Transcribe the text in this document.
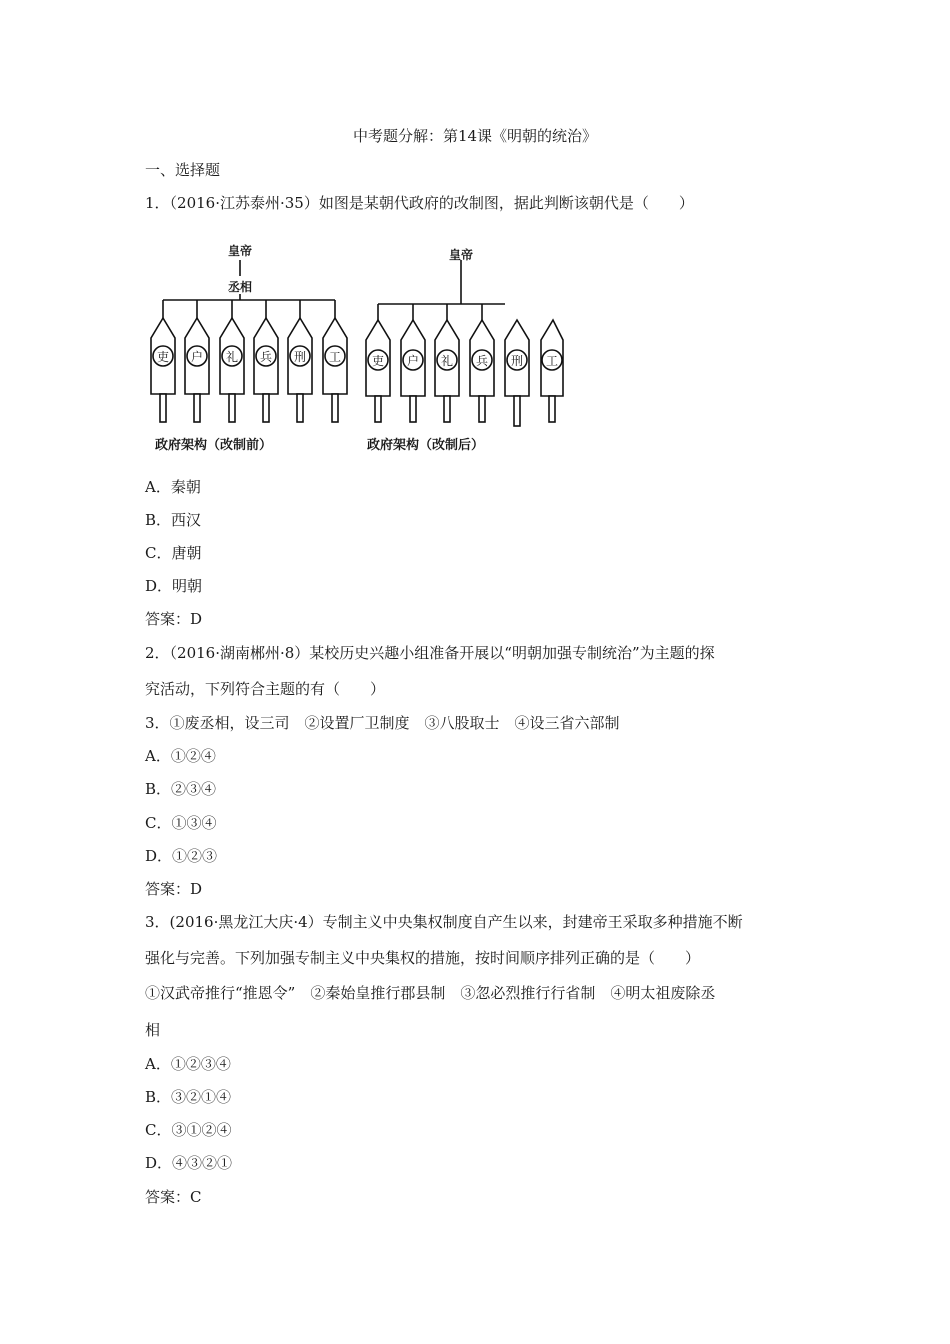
中考题分解：第14课《明朝的统治》
一、选择题
1．（2016·江苏泰州·35）如图是某朝代政府的改制图，据此判断该朝代是（　　）
皇帝
丞相
皇帝
吏 户 礼 兵 刑 工	吏 户 礼 兵 刑 工
政府架构（改制前）	政府架构（改制后）
A．秦朝
B．西汉
C．唐朝
D．明朝
答案：D
2．（2016·湖南郴州·8）某校历史兴趣小组准备开展以“明朝加强专制统治”为主题的探
究活动，下列符合主题的有（　　）
3．①废丞相，设三司　②设置厂卫制度　③八股取士　④设三省六部制
A．①②④
B．②③④
C．①③④
D．①②③
答案：D
3．(2016·黑龙江大庆·4）专制主义中央集权制度自产生以来，封建帝王采取多种措施不断
强化与完善。下列加强专制主义中央集权的措施，按时间顺序排列正确的是（　　）
①汉武帝推行“推恩令”　②秦始皇推行郡县制　③忽必烈推行行省制　④明太祖废除丞
相
A．①②③④
B．③②①④
C．③①②④
D．④③②①
答案：C
